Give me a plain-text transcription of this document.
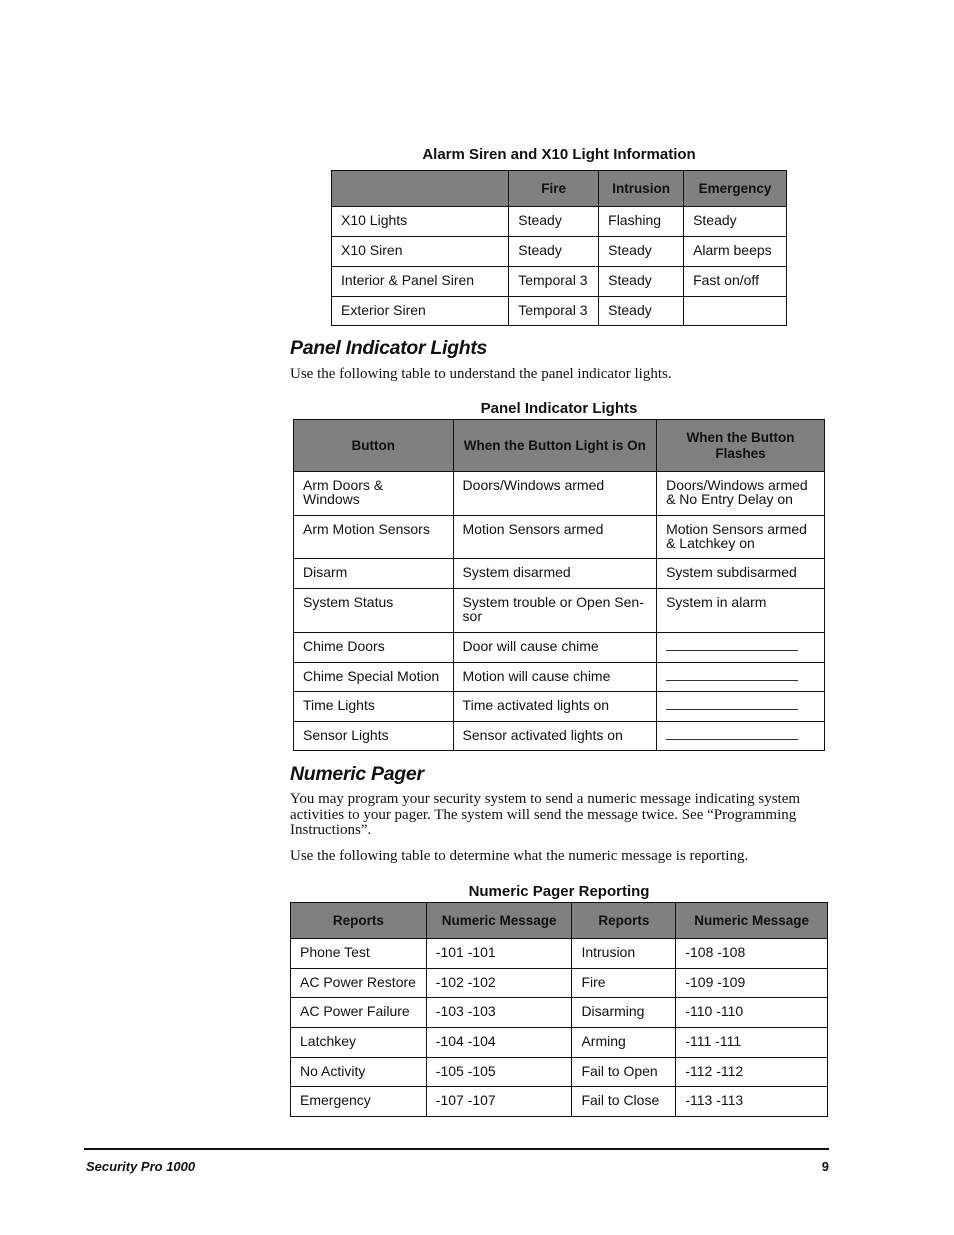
Alarm Siren and X10 Light Information
	Fire	Intrusion	Emergency
X10 Lights	Steady	Flashing	Steady
X10 Siren	Steady	Steady	Alarm beeps
Interior & Panel Siren	Temporal 3	Steady	Fast on/off
Exterior Siren	Temporal 3	Steady	
Panel Indicator Lights
Use the following table to understand the panel indicator lights.
Panel Indicator Lights
Button	When the Button Light is On	When the Button Flashes
Arm Doors & Windows	Doors/Windows armed	Doors/Windows armed & No Entry Delay on
Arm Motion Sensors	Motion Sensors armed	Motion Sensors armed & Latchkey on
Disarm	System disarmed	System subdisarmed
System Status	System trouble or Open Sen-sor	System in alarm
Chime Doors	Door will cause chime	
Chime Special Motion	Motion will cause chime	
Time Lights	Time activated lights on	
Sensor Lights	Sensor activated lights on	
Numeric Pager
You may program your security system to send a numeric message indicating system activities to your pager. The system will send the message twice. See “Programming Instructions”.
Use the following table to determine what the numeric message is reporting.
Numeric Pager Reporting
Reports	Numeric Message	Reports	Numeric Message
Phone Test	-101 -101	Intrusion	-108 -108
AC Power Restore	-102 -102	Fire	-109 -109
AC Power Failure	-103 -103	Disarming	-110 -110
Latchkey	-104 -104	Arming	-111 -111
No Activity	-105 -105	Fail to Open	-112 -112
Emergency	-107 -107	Fail to Close	-113 -113
Security Pro 1000	9
